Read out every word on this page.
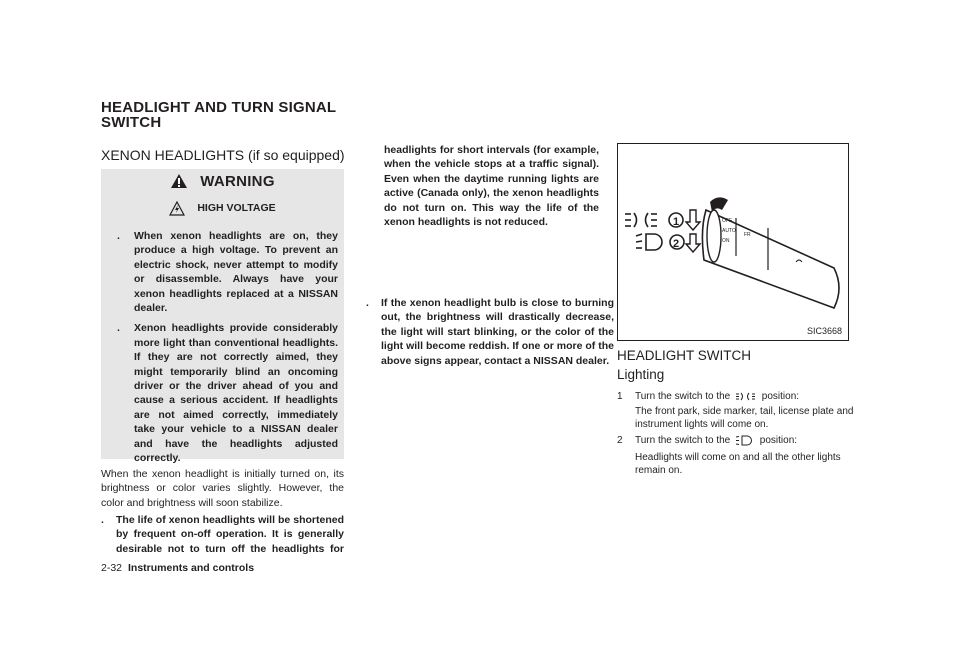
HEADLIGHT AND TURN SIGNAL SWITCH
XENON HEADLIGHTS (if so equipped)
WARNING
HIGH VOLTAGE
. When xenon headlights are on, they produce a high voltage. To prevent an electric shock, never attempt to modify or disassemble. Always have your xenon headlights replaced at a NISSAN dealer.
. Xenon headlights provide considerably more light than conventional headlights. If they are not correctly aimed, they might temporarily blind an oncoming driver or the driver ahead of you and cause a serious accident. If headlights are not aimed correctly, immediately take your vehicle to a NISSAN dealer and have the headlights adjusted correctly.
When the xenon headlight is initially turned on, its brightness or color varies slightly. However, the color and brightness will soon stabilize.
. The life of xenon headlights will be shortened by frequent on-off operation. It is generally desirable not to turn off the headlights for
headlights for short intervals (for example, when the vehicle stops at a traffic signal). Even when the daytime running lights are active (Canada only), the xenon headlights do not turn on. This way the life of the xenon headlights is not reduced.
. If the xenon headlight bulb is close to burning out, the brightness will drastically decrease, the light will start blinking, or the color of the light will become reddish. If one or more of the above signs appear, contact a NISSAN dealer.
1
2
OFF
AUTO
ON
FR
SIC3668
HEADLIGHT SWITCH
Lighting
1 Turn the switch to the	position:
The front park, side marker, tail, license plate and instrument lights will come on.
2 Turn the switch to the	position:
Headlights will come on and all the other lights remain on.
2-32 Instruments and controls
